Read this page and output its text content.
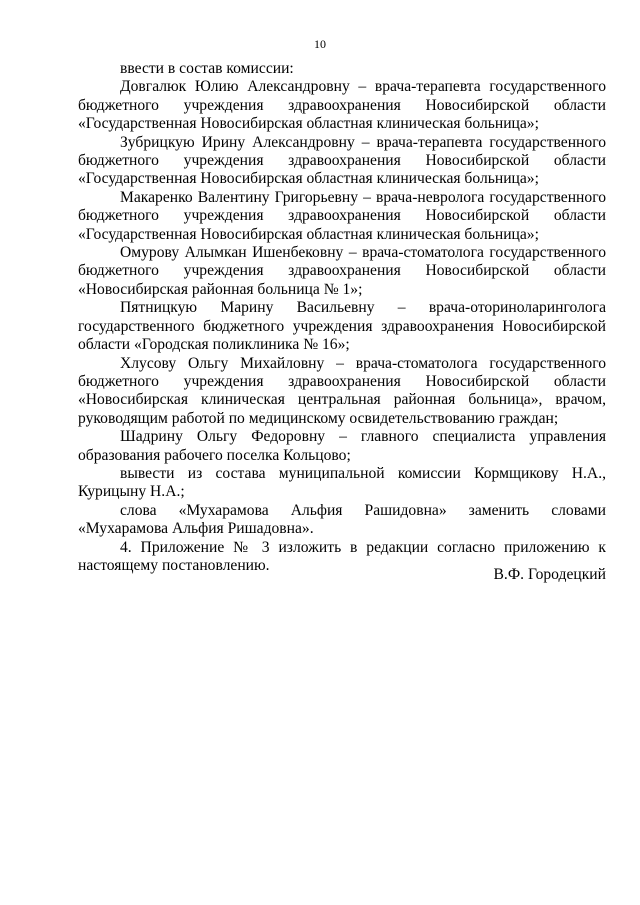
10

ввести в состав комиссии:

Довгалюк Юлию Александровну – врача-терапевта государственного бюджетного учреждения здравоохранения Новосибирской области «Государственная Новосибирская областная клиническая больница»;

Зубрицкую Ирину Александровну – врача-терапевта государственного бюджетного учреждения здравоохранения Новосибирской области «Государственная Новосибирская областная клиническая больница»;

Макаренко Валентину Григорьевну – врача-невролога государственного бюджетного учреждения здравоохранения Новосибирской области «Государственная Новосибирская областная клиническая больница»;

Омурову Алымкан Ишенбековну – врача-стоматолога государственного бюджетного учреждения здравоохранения Новосибирской области «Новосибирская районная больница № 1»;

Пятницкую Марину Васильевну – врача-оториноларинголога государственного бюджетного учреждения здравоохранения Новосибирской области «Городская поликлиника № 16»;

Хлусову Ольгу Михайловну – врача-стоматолога государственного бюджетного учреждения здравоохранения Новосибирской области «Новосибирская клиническая центральная районная больница», врачом, руководящим работой по медицинскому освидетельствованию граждан;

Шадрину Ольгу Федоровну – главного специалиста управления образования рабочего поселка Кольцово;

вывести из состава муниципальной комиссии Кормщикову Н.А., Курицыну Н.А.;

слова «Мухарамова Альфия Рашидовна» заменить словами «Мухарамова Альфия Ришадовна».

4. Приложение № 3 изложить в редакции согласно приложению к настоящему постановлению.

В.Ф. Городецкий
